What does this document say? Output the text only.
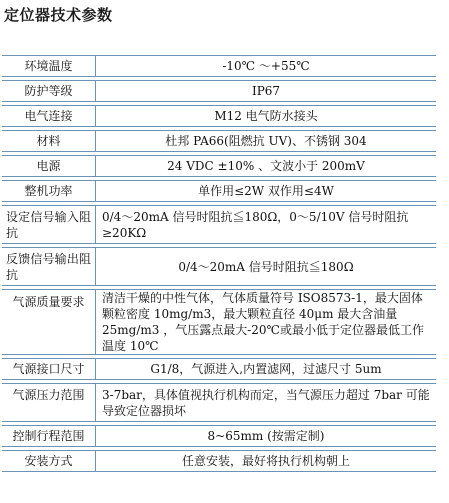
定位器技术参数
环境温度	-10℃ ～+55℃

防护等级	IP67

电气连接	M12 电气防水接头

材料	杜邦 PA66(阻燃抗 UV)、不锈钢 304

电源	24 VDC ±10% 、文波小于 200mV

整机功率	单作用≤2W 双作用≤4W

设定信号输入阻抗	0/4～20mA 信号时阻抗≦180Ω，0～5/10V 信号时阻抗≥20KΩ

反馈信号输出阻抗	0/4～20mA 信号时阻抗≦180Ω

气源质量要求	清洁干燥的中性气体，气体质量符号 ISO8573-1，最大固体颗粒密度 10mg/m3，最大颗粒直径 40μm 最大含油量 25mg/m3 ，气压露点最大-20℃或最小低于定位器最低工作温度 10℃

气源接口尺寸	G1/8，气源进入,内置滤网，过滤尺寸 5um

气源压力范围	3-7bar，具体值视执行机构而定，当气源压力超过 7bar 可能导致定位器损坏

控制行程范围	8~65mm (按需定制)

安装方式	任意安装，最好将执行机构朝上
